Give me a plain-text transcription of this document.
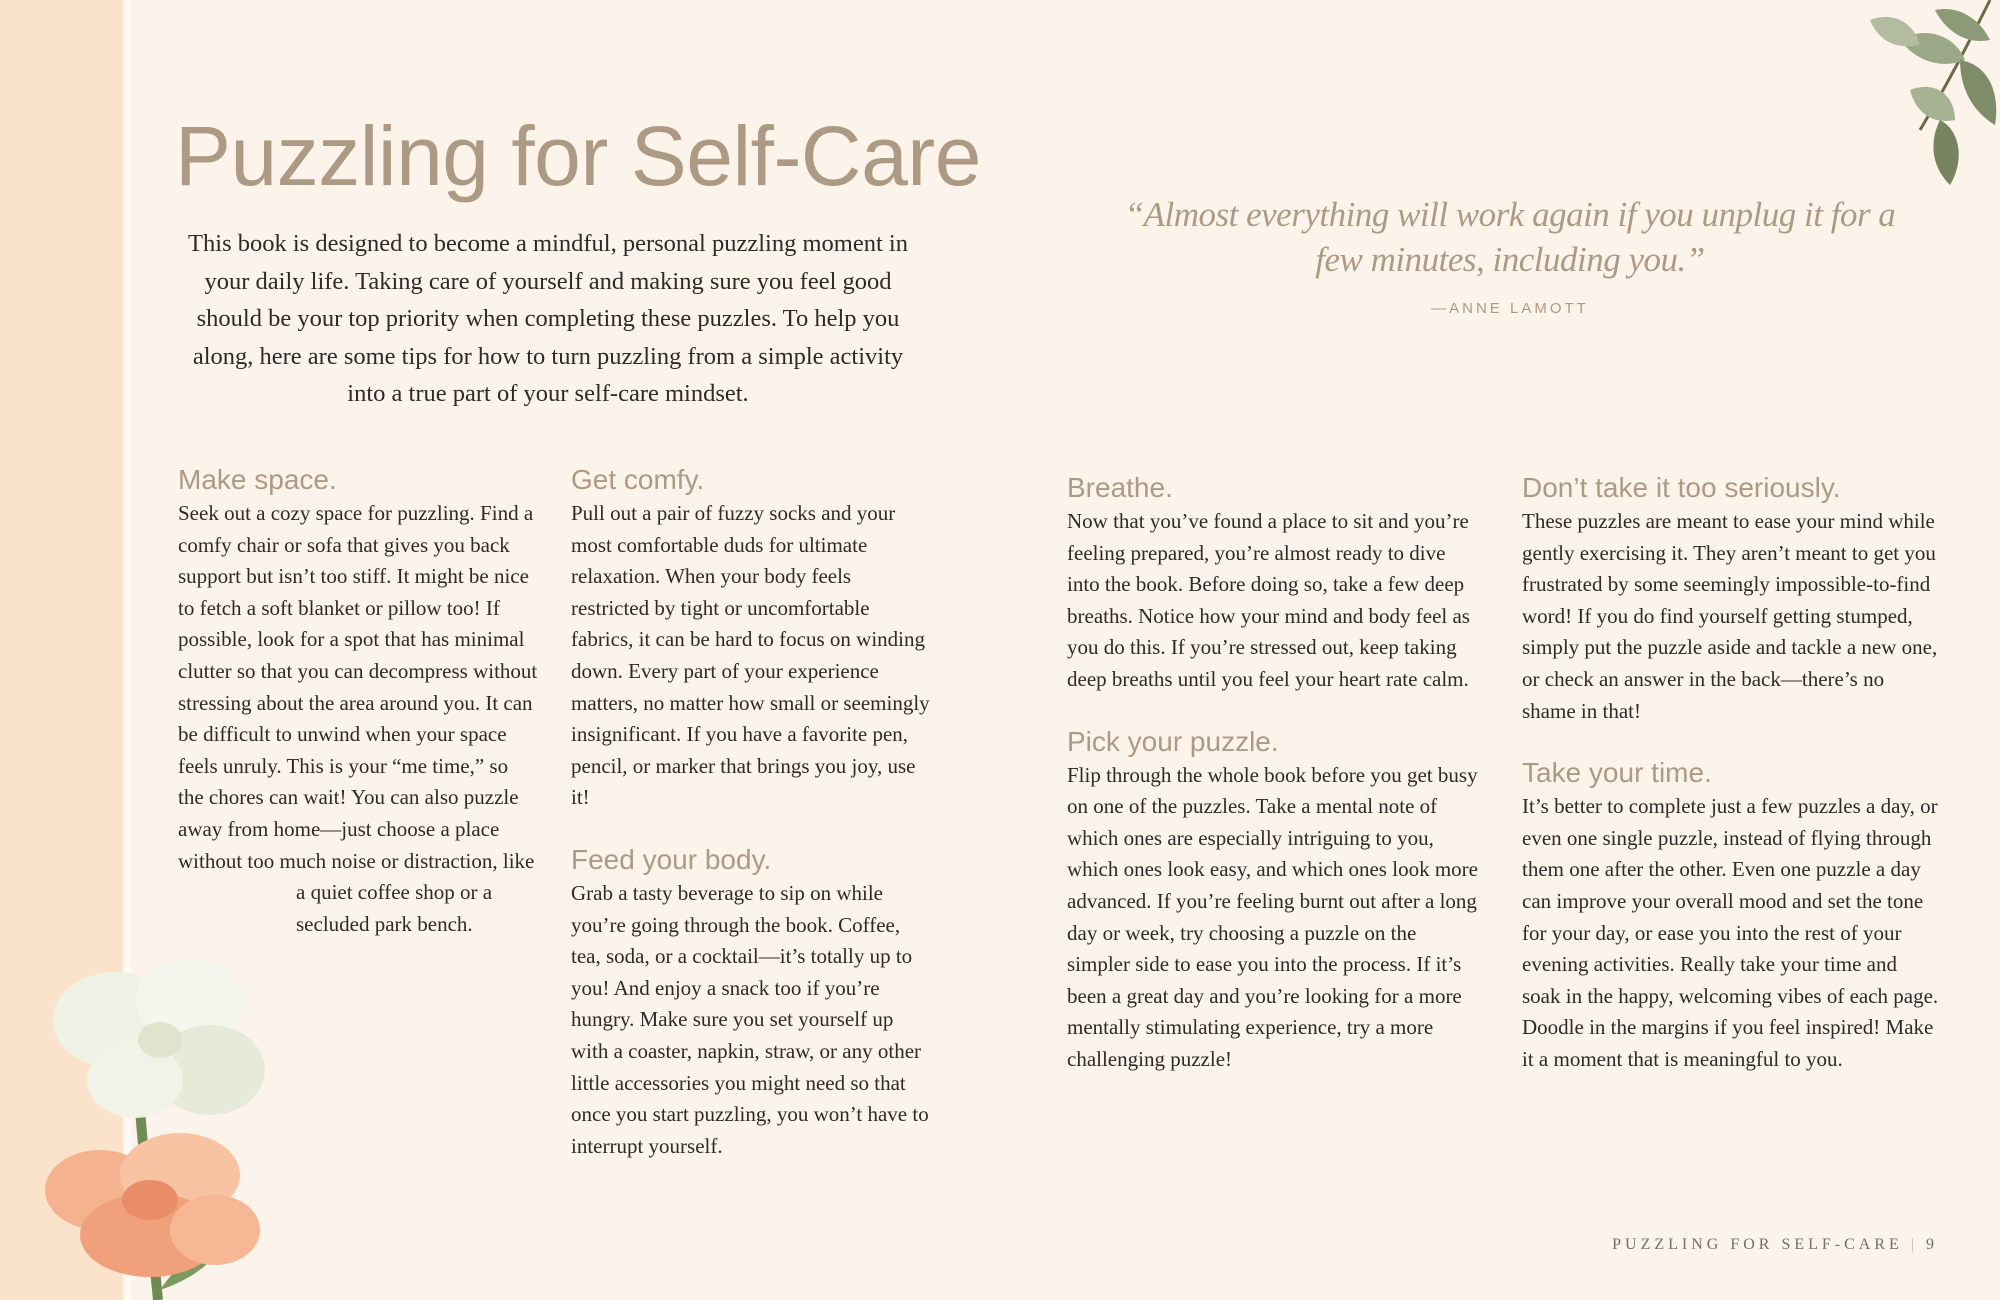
Puzzling for Self-Care

This book is designed to become a mindful, personal puzzling moment in your daily life. Taking care of yourself and making sure you feel good should be your top priority when completing these puzzles. To help you along, here are some tips for how to turn puzzling from a simple activity into a true part of your self-care mindset.

“Almost everything will work again if you unplug it for a few minutes, including you.”

—ANNE LAMOTT
Make space.

Seek out a cozy space for puzzling. Find a comfy chair or sofa that gives you back support but isn’t too stiff. It might be nice to fetch a soft blanket or pillow too! If possible, look for a spot that has minimal clutter so that you can decompress without stressing about the area around you. It can be difficult to unwind when your space feels unruly. This is your “me time,” so the chores can wait! You can also puzzle away from home—just choose a place without too much noise or distraction, like

a quiet coffee shop or a secluded park bench.

Get comfy.

Pull out a pair of fuzzy socks and your most comfortable duds for ultimate relaxation. When your body feels restricted by tight or uncomfortable fabrics, it can be hard to focus on winding down. Every part of your experience matters, no matter how small or seemingly insignificant. If you have a favorite pen, pencil, or marker that brings you joy, use it!

Feed your body.

Grab a tasty beverage to sip on while you’re going through the book. Coffee, tea, soda, or a cocktail—it’s totally up to you! And enjoy a snack too if you’re hungry. Make sure you set yourself up with a coaster, napkin, straw, or any other little accessories you might need so that once you start puzzling, you won’t have to interrupt yourself.

Breathe.

Now that you’ve found a place to sit and you’re feeling prepared, you’re almost ready to dive into the book. Before doing so, take a few deep breaths. Notice how your mind and body feel as you do this. If you’re stressed out, keep taking deep breaths until you feel your heart rate calm.

Pick your puzzle.

Flip through the whole book before you get busy on one of the puzzles. Take a mental note of which ones are especially intriguing to you, which ones look easy, and which ones look more advanced. If you’re feeling burnt out after a long day or week, try choosing a puzzle on the simpler side to ease you into the process. If it’s been a great day and you’re looking for a more mentally stimulating experience, try a more challenging puzzle!

Don’t take it too seriously.

These puzzles are meant to ease your mind while gently exercising it. They aren’t meant to get you frustrated by some seemingly impossible-to-find word! If you do find yourself getting stumped, simply put the puzzle aside and tackle a new one, or check an answer in the back—there’s no shame in that!

Take your time.

It’s better to complete just a few puzzles a day, or even one single puzzle, instead of flying through them one after the other. Even one puzzle a day can improve your overall mood and set the tone for your day, or ease you into the rest of your evening activities. Really take your time and soak in the happy, welcoming vibes of each page. Doodle in the margins if you feel inspired! Make it a moment that is meaningful to you.

PUZZLING FOR SELF-CARE | 9
